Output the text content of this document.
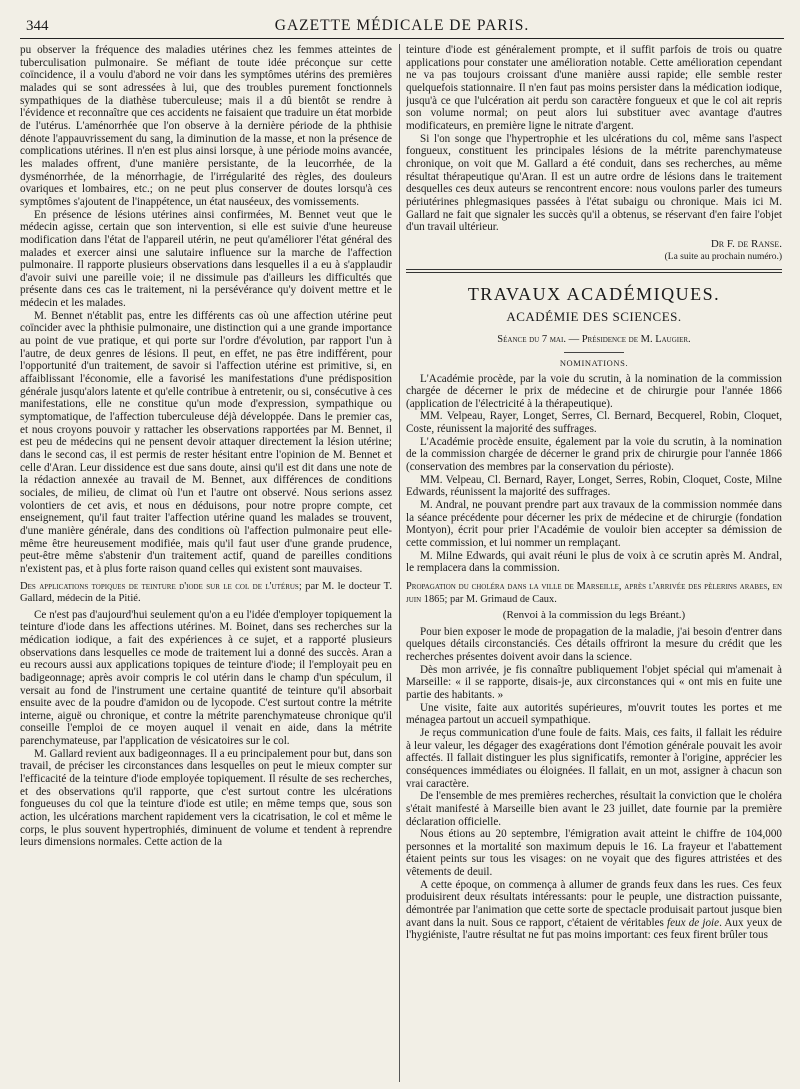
344	GAZETTE MÉDICALE DE PARIS.

pu observer la fréquence des maladies utérines chez les femmes atteintes de tuberculisation pulmonaire. Se méfiant de toute idée préconçue sur cette coïncidence, il a voulu d'abord ne voir dans les symptômes utérins des premières malades qui se sont adressées à lui, que des troubles purement fonctionnels sympathiques de la diathèse tuberculeuse; mais il a dû bientôt se rendre à l'évidence et reconnaître que ces accidents ne faisaient que traduire un état morbide de l'utérus. L'aménorrhée que l'on observe à la dernière période de la phthisie dénote l'appauvrissement du sang, la diminution de la masse, et non la présence de complications utérines. Il n'en est plus ainsi lorsque, à une période moins avancée, les malades offrent, d'une manière persistante, de la leucorrhée, de la dysménorrhée, de la ménorrhagie, de l'irrégularité des règles, des douleurs ovariques et lombaires, etc.; on ne peut plus conserver de doutes lorsqu'à ces symptômes s'ajoutent de l'inappétence, un état nauséeux, des vomissements.

En présence de lésions utérines ainsi confirmées, M. Bennet veut que le médecin agisse, certain que son intervention, si elle est suivie d'une heureuse modification dans l'état de l'appareil utérin, ne peut qu'améliorer l'état général des malades et exercer ainsi une salutaire influence sur la marche de l'affection pulmonaire. Il rapporte plusieurs observations dans lesquelles il a eu à s'applaudir d'avoir suivi une pareille voie; il ne dissimule pas d'ailleurs les difficultés que présente dans ces cas le traitement, ni la persévérance qu'y doivent mettre et le médecin et les malades.

M. Bennet n'établit pas, entre les différents cas où une affection utérine peut coïncider avec la phthisie pulmonaire, une distinction qui a une grande importance au point de vue pratique, et qui porte sur l'ordre d'évolution, par rapport l'un à l'autre, de deux genres de lésions. Il peut, en effet, ne pas être indifférent, pour l'opportunité d'un traitement, de savoir si l'affection utérine est primitive, si, en affaiblissant l'économie, elle a favorisé les manifestations d'une prédisposition générale jusqu'alors latente et qu'elle contribue à entretenir, ou si, consécutive à ces manifestations, elle ne constitue qu'un mode d'expression, sympathique ou symptomatique, de l'affection tuberculeuse déjà développée. Dans le premier cas, et nous croyons pouvoir y rattacher les observations rapportées par M. Bennet, il est peu de médecins qui ne pensent devoir attaquer directement la lésion utérine; dans le second cas, il est permis de rester hésitant entre l'opinion de M. Bennet et celle d'Aran. Leur dissidence est due sans doute, ainsi qu'il est dit dans une note de la rédaction annexée au travail de M. Bennet, aux différences de conditions sociales, de milieu, de climat où l'un et l'autre ont observé. Nous serions assez volontiers de cet avis, et nous en déduisons, pour notre propre compte, cet enseignement, qu'il faut traiter l'affection utérine quand les malades se trouvent, d'une manière générale, dans des conditions où l'affection pulmonaire peut elle-même être heureusement modifiée, mais qu'il faut user d'une grande prudence, peut-être même s'abstenir d'un traitement actif, quand de pareilles conditions n'existent pas, et à plus forte raison quand celles qui existent sont mauvaises.

Des applications topiques de teinture d'iode sur le col de l'utérus; par M. le docteur T. Gallard, médecin de la Pitié.

Ce n'est pas d'aujourd'hui seulement qu'on a eu l'idée d'employer topiquement la teinture d'iode dans les affections utérines. M. Boinet, dans ses recherches sur la médication iodique, a fait des expériences à ce sujet, et a rapporté plusieurs observations dans lesquelles ce mode de traitement lui a donné des succès. Aran a eu recours aussi aux applications topiques de teinture d'iode; il l'employait peu en badigeonnage; après avoir compris le col utérin dans le champ d'un spéculum, il versait au fond de l'instrument une certaine quantité de teinture qu'il absorbait ensuite avec de la poudre d'amidon ou de lycopode. C'est surtout contre la métrite interne, aiguë ou chronique, et contre la métrite parenchymateuse chronique qu'il conseille l'emploi de ce moyen auquel il venait en aide, dans la métrite parenchymateuse, par l'application de vésicatoires sur le col.

M. Gallard revient aux badigeonnages. Il a eu principalement pour but, dans son travail, de préciser les circonstances dans lesquelles on peut le mieux compter sur l'efficacité de la teinture d'iode employée topiquement. Il résulte de ses recherches, et des observations qu'il rapporte, que c'est surtout contre les ulcérations fongueuses du col que la teinture d'iode est utile; en même temps que, sous son action, les ulcérations marchent rapidement vers la cicatrisation, le col et même le corps, le plus souvent hypertrophiés, diminuent de volume et tendent à reprendre leurs dimensions normales. Cette action de la

teinture d'iode est généralement prompte, et il suffit parfois de trois ou quatre applications pour constater une amélioration notable. Cette amélioration cependant ne va pas toujours croissant d'une manière aussi rapide; elle semble rester quelquefois stationnaire. Il n'en faut pas moins persister dans la médication iodique, jusqu'à ce que l'ulcération ait perdu son caractère fongueux et que le col ait repris son volume normal; on peut alors lui substituer avec avantage d'autres modificateurs, en première ligne le nitrate d'argent.

Si l'on songe que l'hypertrophie et les ulcérations du col, même sans l'aspect fongueux, constituent les principales lésions de la métrite parenchymateuse chronique, on voit que M. Gallard a été conduit, dans ses recherches, au même résultat thérapeutique qu'Aran. Il est un autre ordre de lésions dans le traitement desquelles ces deux auteurs se rencontrent encore: nous voulons parler des tumeurs périutérines phlegmasiques passées à l'état subaigu ou chronique. Mais ici M. Gallard ne fait que signaler les succès qu'il a obtenus, se réservant d'en faire l'objet d'un travail ultérieur.

Dr F. de Ranse.
(La suite au prochain numéro.)
TRAVAUX ACADÉMIQUES.
ACADÉMIE DES SCIENCES.
Séance du 7 mai. — Présidence de M. Laugier.
NOMINATIONS.

L'Académie procède, par la voie du scrutin, à la nomination de la commission chargée de décerner le prix de médecine et de chirurgie pour l'année 1866 (application de l'électricité à la thérapeutique).

MM. Velpeau, Rayer, Longet, Serres, Cl. Bernard, Becquerel, Robin, Cloquet, Coste, réunissent la majorité des suffrages.

L'Académie procède ensuite, également par la voie du scrutin, à la nomination de la commission chargée de décerner le grand prix de chirurgie pour l'année 1866 (conservation des membres par la conservation du périoste).

MM. Velpeau, Cl. Bernard, Rayer, Longet, Serres, Robin, Cloquet, Coste, Milne Edwards, réunissent la majorité des suffrages.

M. Andral, ne pouvant prendre part aux travaux de la commission nommée dans la séance précédente pour décerner les prix de médecine et de chirurgie (fondation Montyon), écrit pour prier l'Académie de vouloir bien accepter sa démission de cette commission, et lui nommer un remplaçant.

M. Milne Edwards, qui avait réuni le plus de voix à ce scrutin après M. Andral, le remplacera dans la commission.

Propagation du choléra dans la ville de Marseille, après l'arrivée des pèlerins arabes, en juin 1865; par M. Grimaud de Caux.

(Renvoi à la commission du legs Bréant.)

Pour bien exposer le mode de propagation de la maladie, j'ai besoin d'entrer dans quelques détails circonstanciés. Ces détails offriront la mesure du crédit que les recherches présentes doivent avoir dans la science.

Dès mon arrivée, je fis connaître publiquement l'objet spécial qui m'amenait à Marseille: « il se rapporte, disais-je, aux circonstances qui « ont mis en fuite une partie des habitants. »

Une visite, faite aux autorités supérieures, m'ouvrit toutes les portes et me ménagea partout un accueil sympathique.

Je reçus communication d'une foule de faits. Mais, ces faits, il fallait les réduire à leur valeur, les dégager des exagérations dont l'émotion générale pouvait les avoir affectés. Il fallait distinguer les plus significatifs, remonter à l'origine, apprécier les conséquences immédiates ou éloignées. Il fallait, en un mot, assigner à chacun son vrai caractère.

De l'ensemble de mes premières recherches, résultait la conviction que le choléra s'était manifesté à Marseille bien avant le 23 juillet, date fournie par la première déclaration officielle.

Nous étions au 20 septembre, l'émigration avait atteint le chiffre de 104,000 personnes et la mortalité son maximum depuis le 16. La frayeur et l'abattement étaient peints sur tous les visages: on ne voyait que des figures attristées et des vêtements de deuil.

A cette époque, on commença à allumer de grands feux dans les rues. Ces feux produisirent deux résultats intéressants: pour le peuple, une distraction puissante, démontrée par l'animation que cette sorte de spectacle produisait partout jusque bien avant dans la nuit. Sous ce rapport, c'étaient de véritables feux de joie. Aux yeux de l'hygiéniste, l'autre résultat ne fut pas moins important: ces feux firent brûler tous
